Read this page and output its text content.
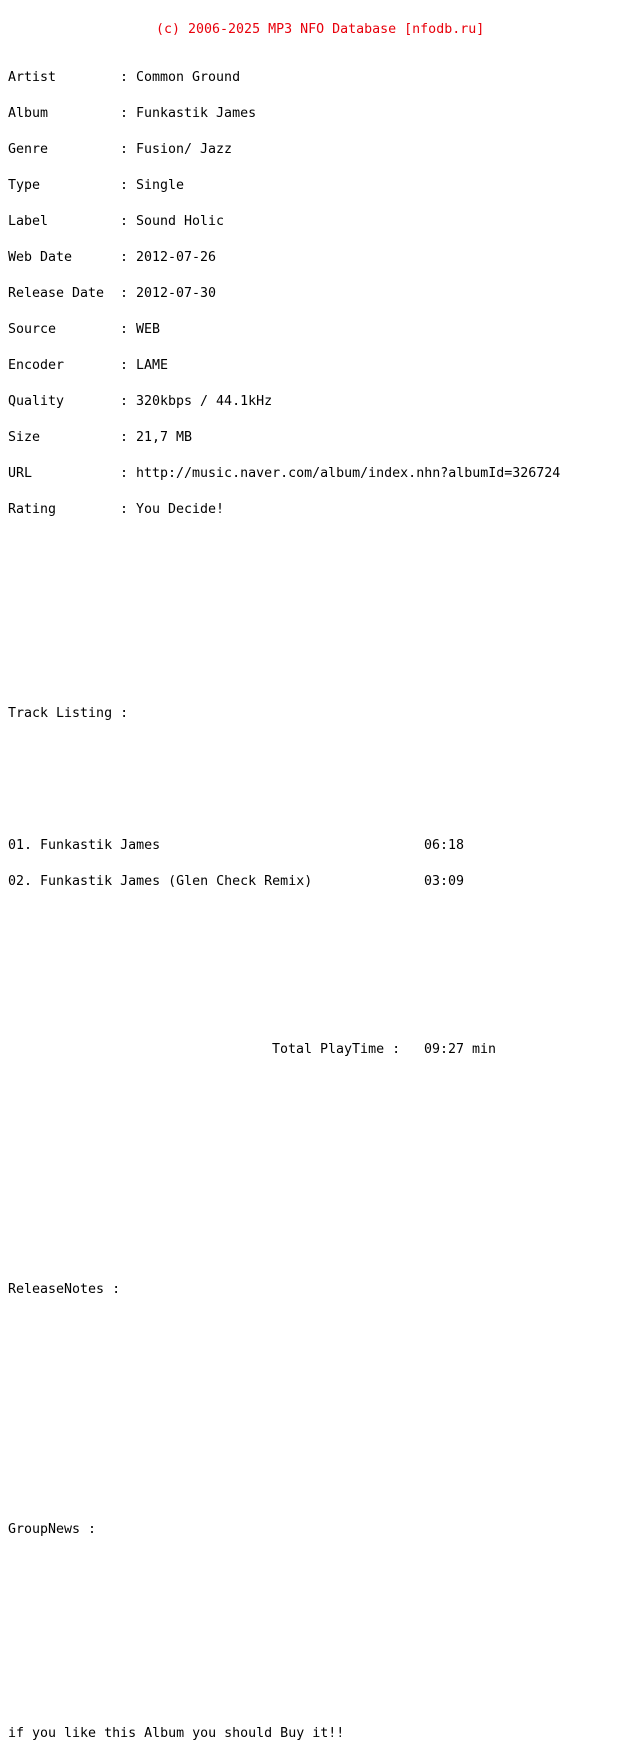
(c) 2006-2025 MP3 NFO Database [nfodb.ru]

Artist	: Common Ground

Album	: Funkastik James

Genre	: Fusion/ Jazz

Type	: Single

Label	: Sound Holic

Web Date	: 2012-07-26

Release Date : 2012-07-30

Source	: WEB

Encoder	: LAME

Quality	: 320kbps / 44.1kHz

Size	: 21,7 MB

URL	: http://music.naver.com/album/index.nhn?albumId=326724

Rating	: You Decide!

Track Listing :

01. Funkastik James	06:18

02. Funkastik James (Glen Check Remix)	03:09

Total PlayTime : 09:27 min

ReleaseNotes :

GroupNews :

if you like this Album you should Buy it!!
